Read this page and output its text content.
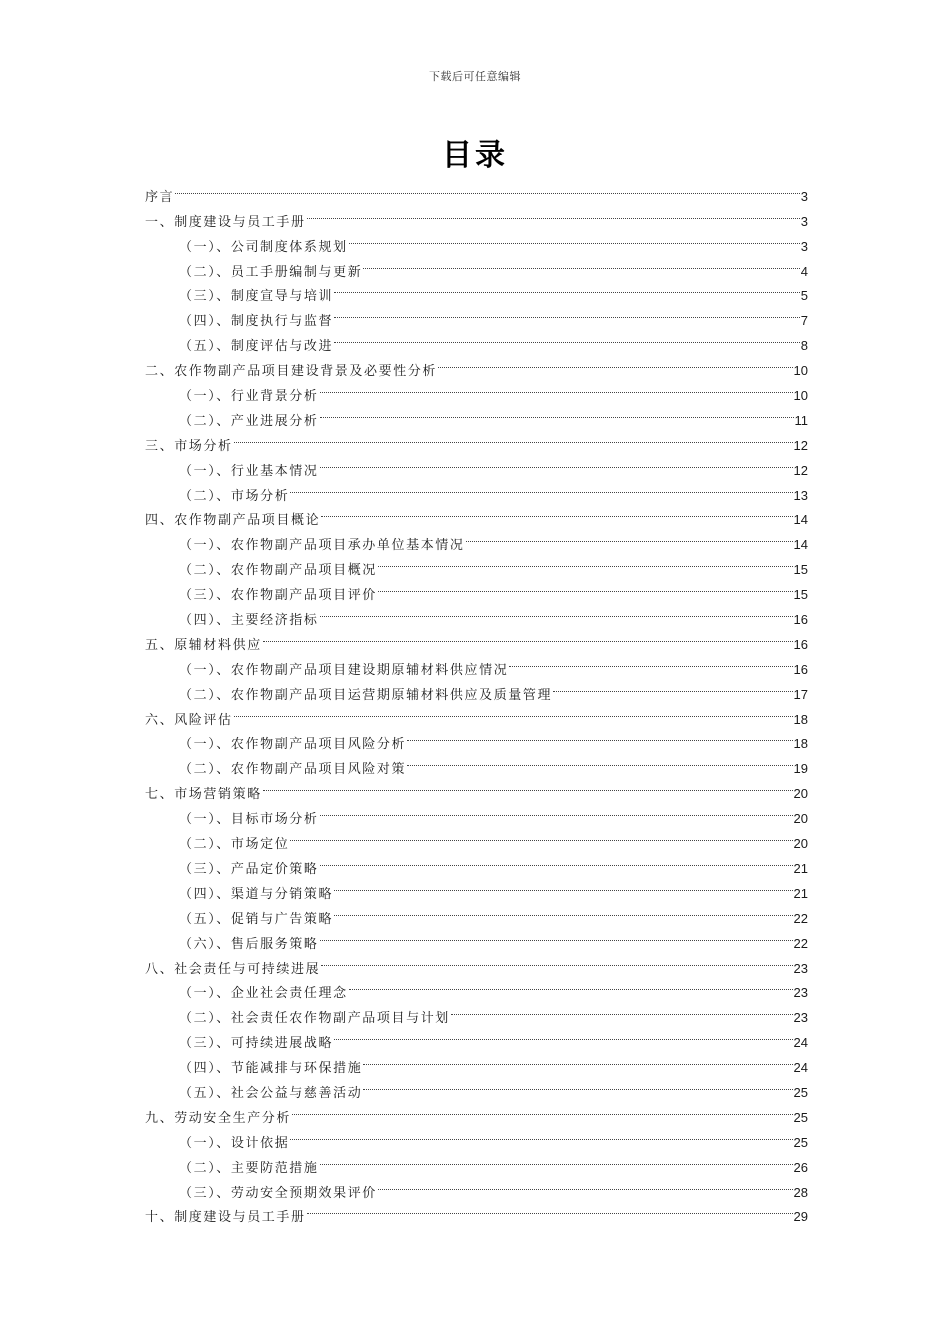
下载后可任意编辑
目录
序言	3
一、制度建设与员工手册	3
（一）、公司制度体系规划	3
（二）、员工手册编制与更新	4
（三）、制度宣导与培训	5
（四）、制度执行与监督	7
（五）、制度评估与改进	8
二、农作物副产品项目建设背景及必要性分析	10
（一）、行业背景分析	10
（二）、产业进展分析	11
三、市场分析	12
（一）、行业基本情况	12
（二）、市场分析	13
四、农作物副产品项目概论	14
（一）、农作物副产品项目承办单位基本情况	14
（二）、农作物副产品项目概况	15
（三）、农作物副产品项目评价	15
（四）、主要经济指标	16
五、原辅材料供应	16
（一）、农作物副产品项目建设期原辅材料供应情况	16
（二）、农作物副产品项目运营期原辅材料供应及质量管理	17
六、风险评估	18
（一）、农作物副产品项目风险分析	18
（二）、农作物副产品项目风险对策	19
七、市场营销策略	20
（一）、目标市场分析	20
（二）、市场定位	20
（三）、产品定价策略	21
（四）、渠道与分销策略	21
（五）、促销与广告策略	22
（六）、售后服务策略	22
八、社会责任与可持续进展	23
（一）、企业社会责任理念	23
（二）、社会责任农作物副产品项目与计划	23
（三）、可持续进展战略	24
（四）、节能减排与环保措施	24
（五）、社会公益与慈善活动	25
九、劳动安全生产分析	25
（一）、设计依据	25
（二）、主要防范措施	26
（三）、劳动安全预期效果评价	28
十、制度建设与员工手册	29
